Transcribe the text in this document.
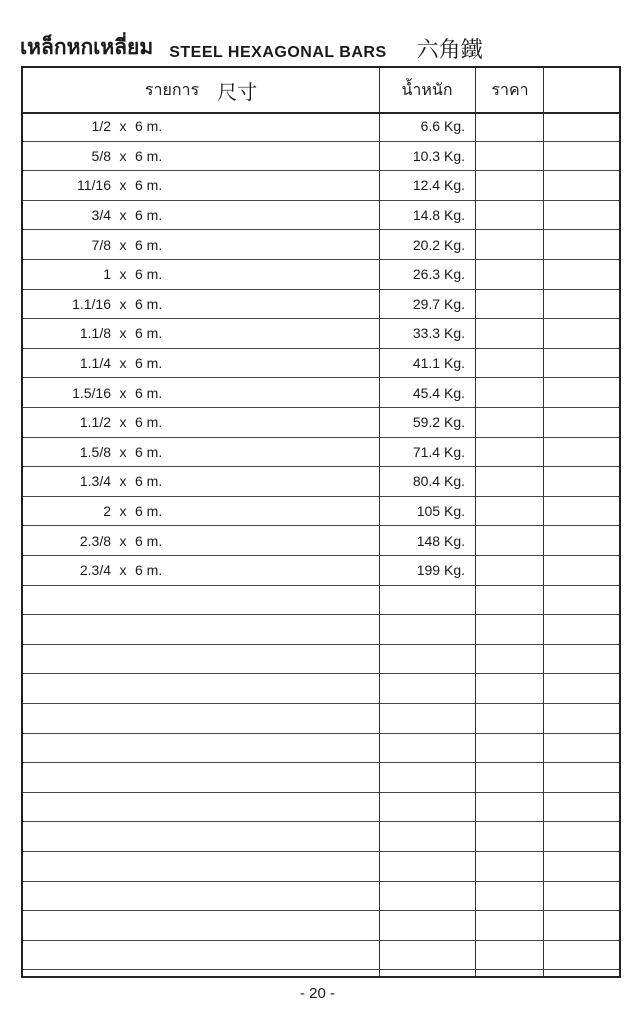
เหล็กหกเหลี่ยม STEEL HEXAGONAL BARS 六角鐵
รายการ 尺寸	น้ำหนัก	ราคา
1/2 x 6 m.	6.6 Kg.
5/8 x 6 m.	10.3 Kg.
11/16 x 6 m.	12.4 Kg.
3/4 x 6 m.	14.8 Kg.
7/8 x 6 m.	20.2 Kg.
1 x 6 m.	26.3 Kg.
1.1/16 x 6 m.	29.7 Kg.
1.1/8 x 6 m.	33.3 Kg.
1.1/4 x 6 m.	41.1 Kg.
1.5/16 x 6 m.	45.4 Kg.
1.1/2 x 6 m.	59.2 Kg.
1.5/8 x 6 m.	71.4 Kg.
1.3/4 x 6 m.	80.4 Kg.
2 x 6 m.	105 Kg.
2.3/8 x 6 m.	148 Kg.
2.3/4 x 6 m.	199 Kg.
- 20 -
